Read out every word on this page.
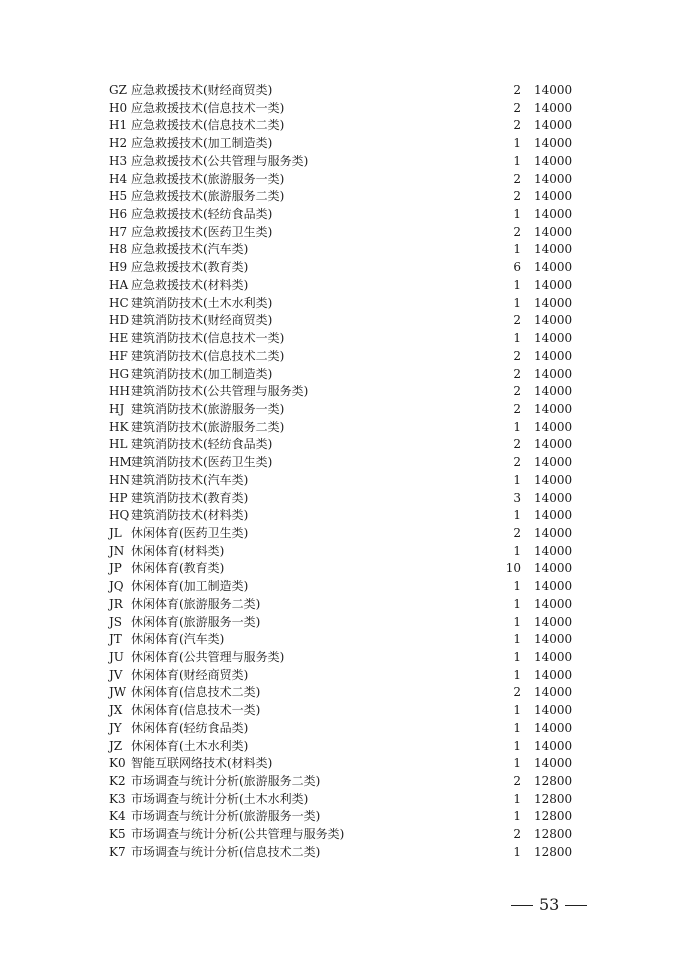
GZ 应急救援技术(财经商贸类)	2 14000
H0 应急救援技术(信息技术一类)	2 14000
H1 应急救援技术(信息技术二类)	2 14000
H2 应急救援技术(加工制造类)	1 14000
H3 应急救援技术(公共管理与服务类)	1 14000
H4 应急救援技术(旅游服务一类)	2 14000
H5 应急救援技术(旅游服务二类)	2 14000
H6 应急救援技术(轻纺食品类)	1 14000
H7 应急救援技术(医药卫生类)	2 14000
H8 应急救援技术(汽车类)	1 14000
H9 应急救援技术(教育类)	6 14000
HA 应急救援技术(材料类)	1 14000
HC 建筑消防技术(土木水利类)	1 14000
HD 建筑消防技术(财经商贸类)	2 14000
HE 建筑消防技术(信息技术一类)	1 14000
HF 建筑消防技术(信息技术二类)	2 14000
HG 建筑消防技术(加工制造类)	2 14000
HH 建筑消防技术(公共管理与服务类)	2 14000
HJ 建筑消防技术(旅游服务一类)	2 14000
HK 建筑消防技术(旅游服务二类)	1 14000
HL 建筑消防技术(轻纺食品类)	2 14000
HM 建筑消防技术(医药卫生类)	2 14000
HN 建筑消防技术(汽车类)	1 14000
HP 建筑消防技术(教育类)	3 14000
HQ 建筑消防技术(材料类)	1 14000
JL 休闲体育(医药卫生类)	2 14000
JN 休闲体育(材料类)	1 14000
JP 休闲体育(教育类)	10 14000
JQ 休闲体育(加工制造类)	1 14000
JR 休闲体育(旅游服务二类)	1 14000
JS 休闲体育(旅游服务一类)	1 14000
JT 休闲体育(汽车类)	1 14000
JU 休闲体育(公共管理与服务类)	1 14000
JV 休闲体育(财经商贸类)	1 14000
JW 休闲体育(信息技术二类)	2 14000
JX 休闲体育(信息技术一类)	1 14000
JY 休闲体育(轻纺食品类)	1 14000
JZ 休闲体育(土木水利类)	1 14000
K0 智能互联网络技术(材料类)	1 14000
K2 市场调查与统计分析(旅游服务二类)	2 12800
K3 市场调查与统计分析(土木水利类)	1 12800
K4 市场调查与统计分析(旅游服务一类)	1 12800
K5 市场调查与统计分析(公共管理与服务类)	2 12800
K7 市场调查与统计分析(信息技术二类)	1 12800
53
